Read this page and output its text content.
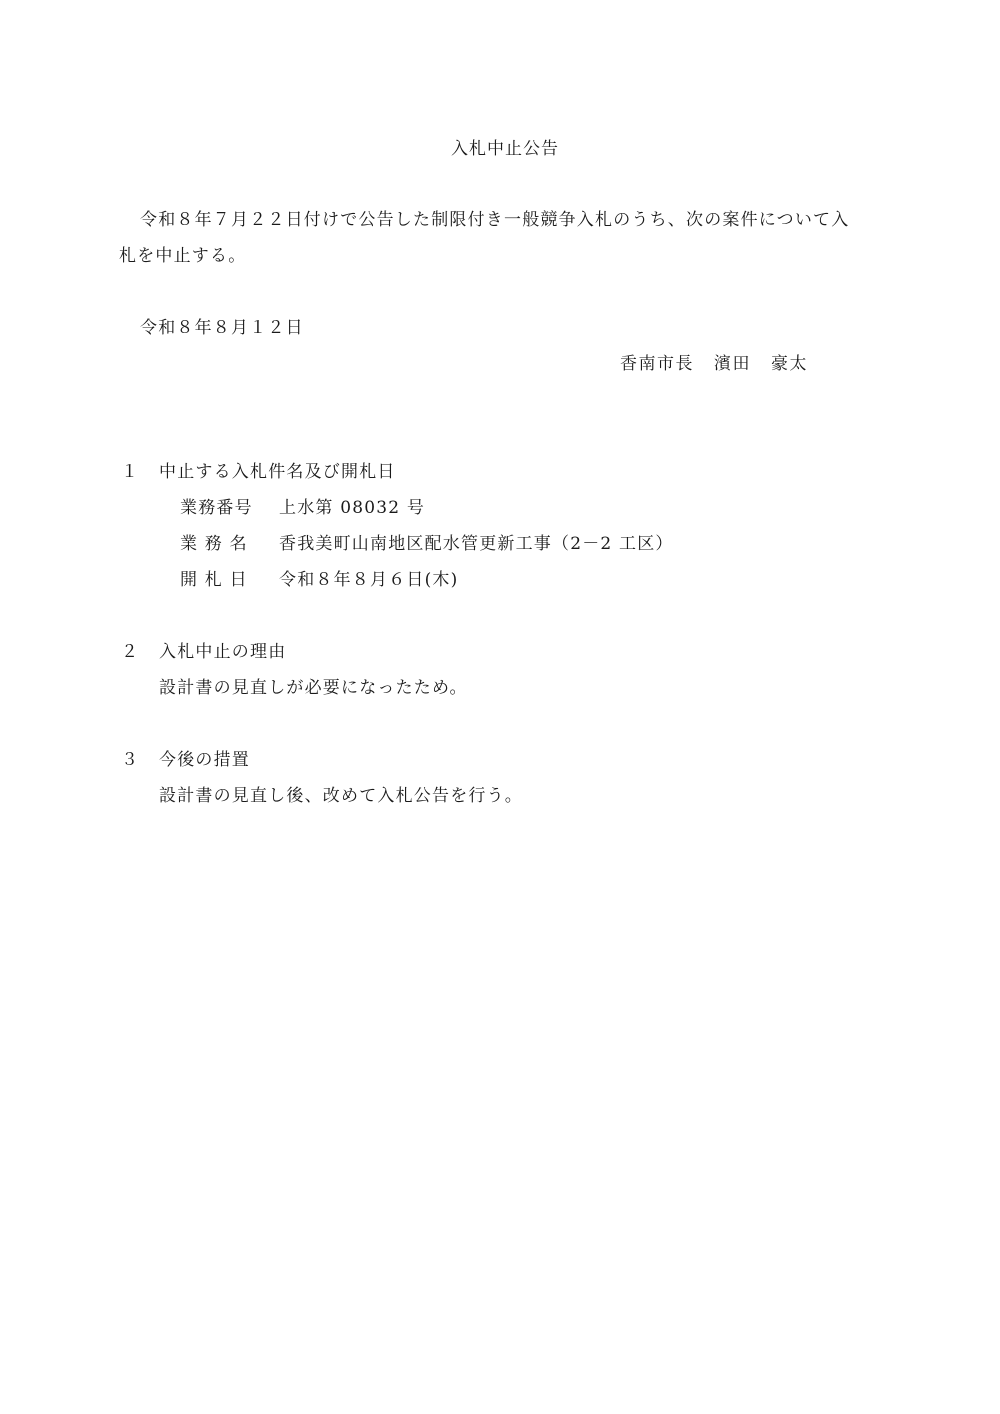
入札中止公告
令和８年７月２２日付けで公告した制限付き一般競争入札のうち、次の案件について入
札を中止する。
令和８年８月１２日
香南市長 濱田 豪太
１ 中止する入札件名及び開札日
業務番号 上水第 08032 号
業 務 名 香我美町山南地区配水管更新工事（2－2 工区）
開 札 日 令和８年８月６日(木)
２ 入札中止の理由
設計書の見直しが必要になったため。
３ 今後の措置
設計書の見直し後、改めて入札公告を行う。
